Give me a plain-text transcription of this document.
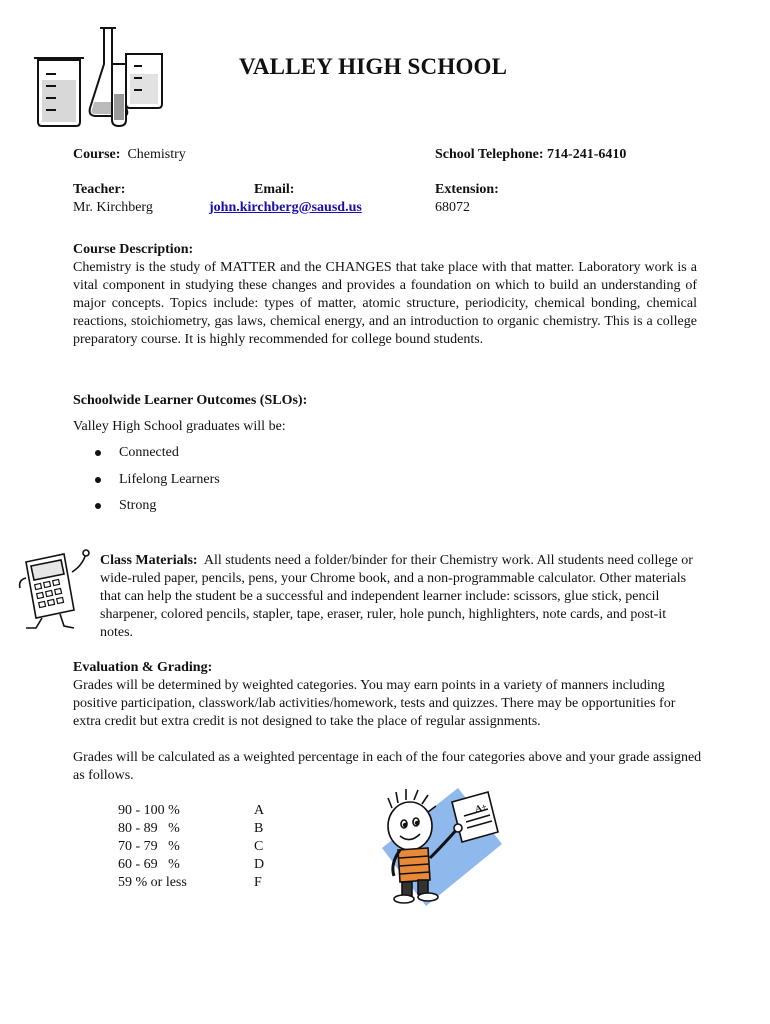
VALLEY HIGH SCHOOL
Course: Chemistry	School Telephone: 714-241-6410
Teacher:
Mr. Kirchberg
Email:
john.kirchberg@sausd.us
Extension:
68072
Course Description:
Chemistry is the study of MATTER and the CHANGES that take place with that matter. Laboratory work is a vital component in studying these changes and provides a foundation on which to build an understanding of major concepts. Topics include: types of matter, atomic structure, periodicity, chemical bonding, chemical reactions, stoichiometry, gas laws, chemical energy, and an introduction to organic chemistry. This is a college preparatory course. It is highly recommended for college bound students.
Schoolwide Learner Outcomes (SLOs):
Valley High School graduates will be:
Connected
Lifelong Learners
Strong
Class Materials: All students need a folder/binder for their Chemistry work. All students need college or wide-ruled paper, pencils, pens, your Chrome book, and a non-programmable calculator. Other materials that can help the student be a successful and independent learner include: scissors, glue stick, pencil sharpener, colored pencils, stapler, tape, eraser, ruler, hole punch, highlighters, note cards, and post-it notes.
Evaluation & Grading:
Grades will be determined by weighted categories. You may earn points in a variety of manners including positive participation, classwork/lab activities/homework, tests and quizzes. There may be opportunities for extra credit but extra credit is not designed to take the place of regular assignments.
Grades will be calculated as a weighted percentage in each of the four categories above and your grade assigned as follows.
90 - 100 %	A
80 - 89   %	B
70 - 79   %	C
60 - 69   %	D
59 % or less	F
A+
